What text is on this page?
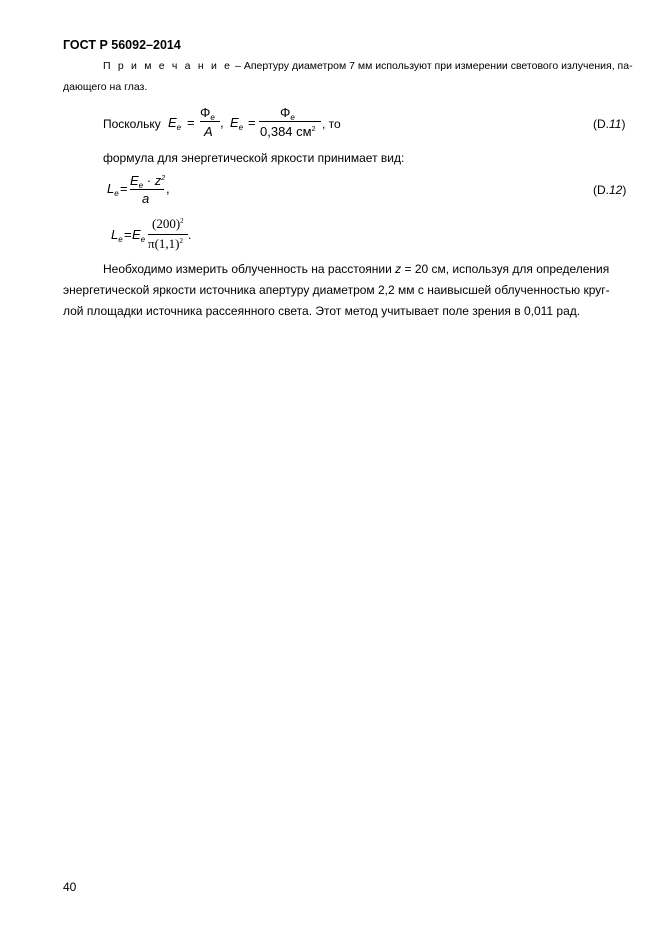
ГОСТ Р 56092–2014
П р и м е ч а н и е – Апертуру диаметром 7 мм используют при измерении светового излучения, па-
дающего на глаз.
Поскольку $E_e$ =
$\Phi_e$
A
, $E_e$ =
$\Phi_e$
0,384 $см^2$ , то	(D.11)
формула для энергетической яркости принимает вид:
$L_e$ =
$E_e \cdot z^2$
a
,	(D.12)
$L_e = E_e$
$(200)^2$
$\pi(1,1)^2$ .
Необходимо измерить облученность на расстоянии z = 20 см, используя для определения
энергетической яркости источника апертуру диаметром 2,2 мм с наивысшей облученностью круг-
лой площадки источника рассеянного света. Этот метод учитывает поле зрения в 0,011 рад.
40
